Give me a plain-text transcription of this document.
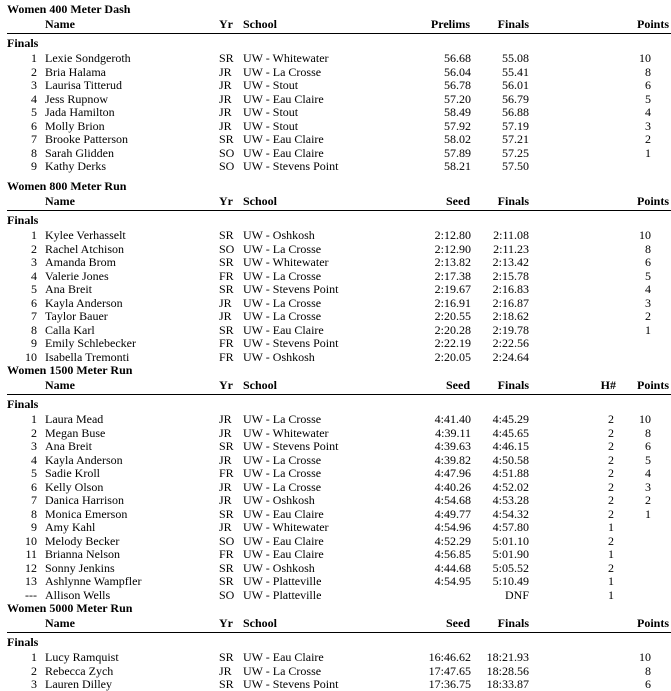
Women 400 Meter Dash
Name	Yr School	Prelims Finals	Points
Finals
1 Lexie Sondgeroth	SR UW - Whitewater	56.68	55.08	10
2 Bria Halama	JR UW - La Crosse	56.04	55.41	8
3 Laurisa Titterud	JR UW - Stout	56.78	56.01	6
4 Jess Rupnow	JR UW - Eau Claire	57.20	56.79	5
5 Jada Hamilton	JR UW - Stout	58.49	56.88	4
6 Molly Brion	JR UW - Stout	57.92	57.19	3
7 Brooke Patterson	SR UW - Eau Claire	58.02	57.21	2
8 Sarah Glidden	SO UW - Eau Claire	57.89	57.25	1
9 Kathy Derks	SO UW - Stevens Point	58.21	57.50
Women 800 Meter Run
Name	Yr School	Seed Finals	Points
Finals
1 Kylee Verhasselt	SR UW - Oshkosh	2:12.80 2:11.08	10
2 Rachel Atchison	SO UW - La Crosse	2:12.90 2:11.23	8
3 Amanda Brom	SR UW - Whitewater	2:13.82 2:13.42	6
4 Valerie Jones	FR UW - La Crosse	2:17.38 2:15.78	5
5 Ana Breit	SR UW - Stevens Point	2:19.67 2:16.83	4
6 Kayla Anderson	JR UW - La Crosse	2:16.91 2:16.87	3
7 Taylor Bauer	JR UW - La Crosse	2:20.55 2:18.62	2
8 Calla Karl	SR UW - Eau Claire	2:20.28 2:19.78	1
9 Emily Schlebecker	FR UW - Stevens Point	2:22.19 2:22.56
10 Isabella Tremonti	FR UW - Oshkosh	2:20.05 2:24.64
Women 1500 Meter Run
Name	Yr School	Seed Finals	H# Points
Finals
1 Laura Mead	JR UW - La Crosse	4:41.40 4:45.29	2 10
2 Megan Buse	JR UW - Whitewater	4:39.11 4:45.65	2	8
3 Ana Breit	SR UW - Stevens Point	4:39.63 4:46.15	2	6
4 Kayla Anderson	JR UW - La Crosse	4:39.82 4:50.58	2	5
5 Sadie Kroll	FR UW - La Crosse	4:47.96 4:51.88	2	4
6 Kelly Olson	JR UW - La Crosse	4:40.26 4:52.02	2	3
7 Danica Harrison	JR UW - Oshkosh	4:54.68 4:53.28	2	2
8 Monica Emerson	SR UW - Eau Claire	4:49.77 4:54.32	2	1
9 Amy Kahl	JR UW - Whitewater	4:54.96 4:57.80	1
10 Melody Becker	SO UW - Eau Claire	4:52.29 5:01.10	2
11 Brianna Nelson	FR UW - Eau Claire	4:56.85 5:01.90	1
12 Sonny Jenkins	SR UW - Oshkosh	4:44.68 5:05.52	2
13 Ashlynne Wampfler	SR UW - Platteville	4:54.95 5:10.49	1
--- Allison Wells	SO UW - Platteville	DNF	1
Women 5000 Meter Run
Name	Yr School	Seed Finals	Points
Finals
1 Lucy Ramquist	SR UW - Eau Claire	16:46.62 18:21.93	10
2 Rebecca Zych	JR UW - La Crosse	17:47.65 18:28.56	8
3 Lauren Dilley	SR UW - Stevens Point	17:36.75 18:33.87	6
